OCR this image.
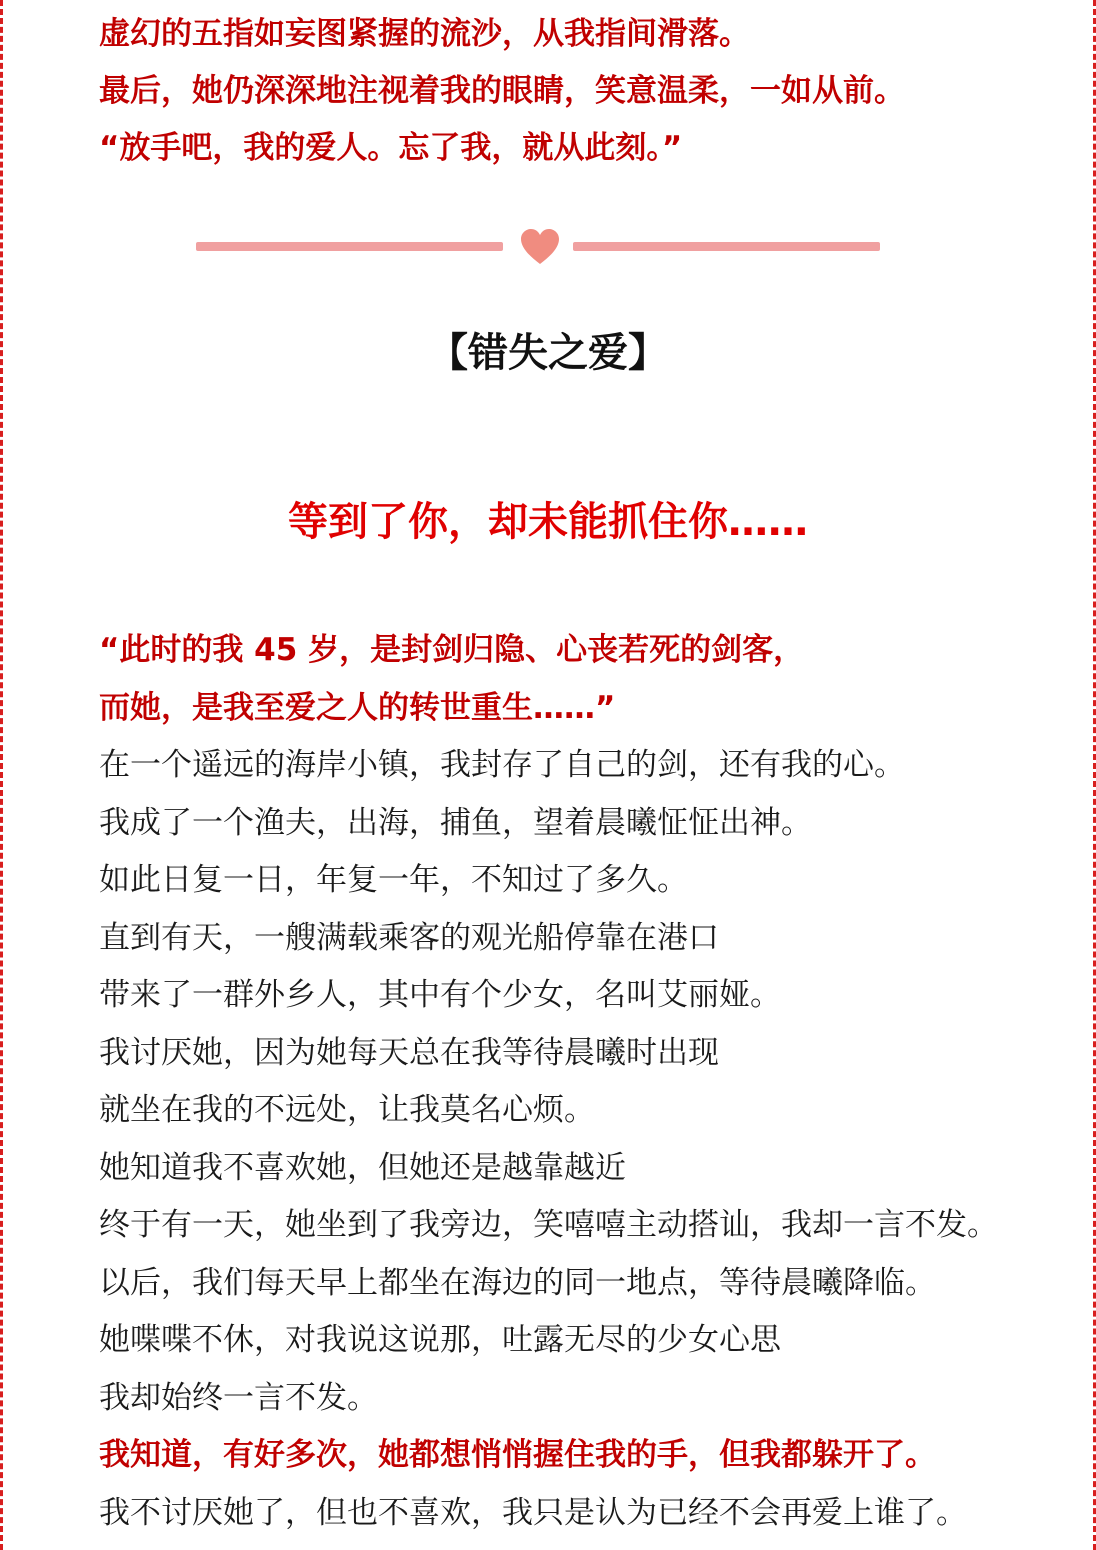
虚幻的五指如妄图紧握的流沙，从我指间滑落。
最后，她仍深深地注视着我的眼睛，笑意温柔，一如从前。
“放手吧，我的爱人。忘了我，就从此刻。”
【错失之爱】
等到了你，却未能抓住你……
“此时的我 45 岁，是封剑归隐、心丧若死的剑客，
而她，是我至爱之人的转世重生……”
在一个遥远的海岸小镇，我封存了自己的剑，还有我的心。
我成了一个渔夫，出海，捕鱼，望着晨曦怔怔出神。
如此日复一日，年复一年，不知过了多久。
直到有天，一艘满载乘客的观光船停靠在港口
带来了一群外乡人，其中有个少女，名叫艾丽娅。
我讨厌她，因为她每天总在我等待晨曦时出现
就坐在我的不远处，让我莫名心烦。
她知道我不喜欢她，但她还是越靠越近
终于有一天，她坐到了我旁边，笑嘻嘻主动搭讪，我却一言不发。
以后，我们每天早上都坐在海边的同一地点，等待晨曦降临。
她喋喋不休，对我说这说那，吐露无尽的少女心思
我却始终一言不发。
我知道，有好多次，她都想悄悄握住我的手，但我都躲开了。
我不讨厌她了，但也不喜欢，我只是认为已经不会再爱上谁了。
